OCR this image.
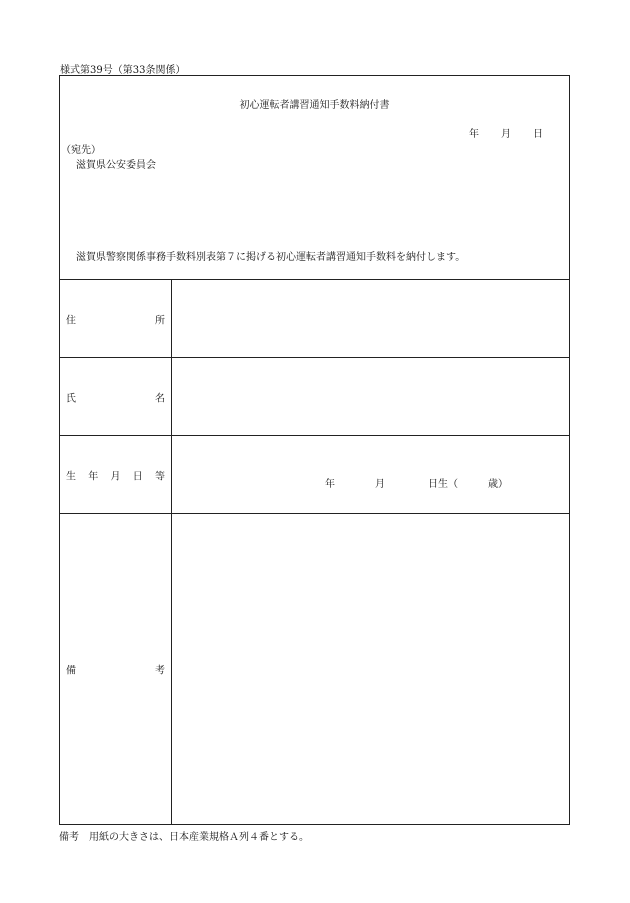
様式第39号（第33条関係）
初心運転者講習通知手数料納付書
年 月 日
（宛先）
滋賀県公安委員会
滋賀県警察関係事務手数料別表第７に掲げる初心運転者講習通知手数料を納付します。
住	所
氏	名
生 年 月 日 等
年	月	日生（	歳）
備	考
備考　用紙の大きさは、日本産業規格Ａ列４番とする。
